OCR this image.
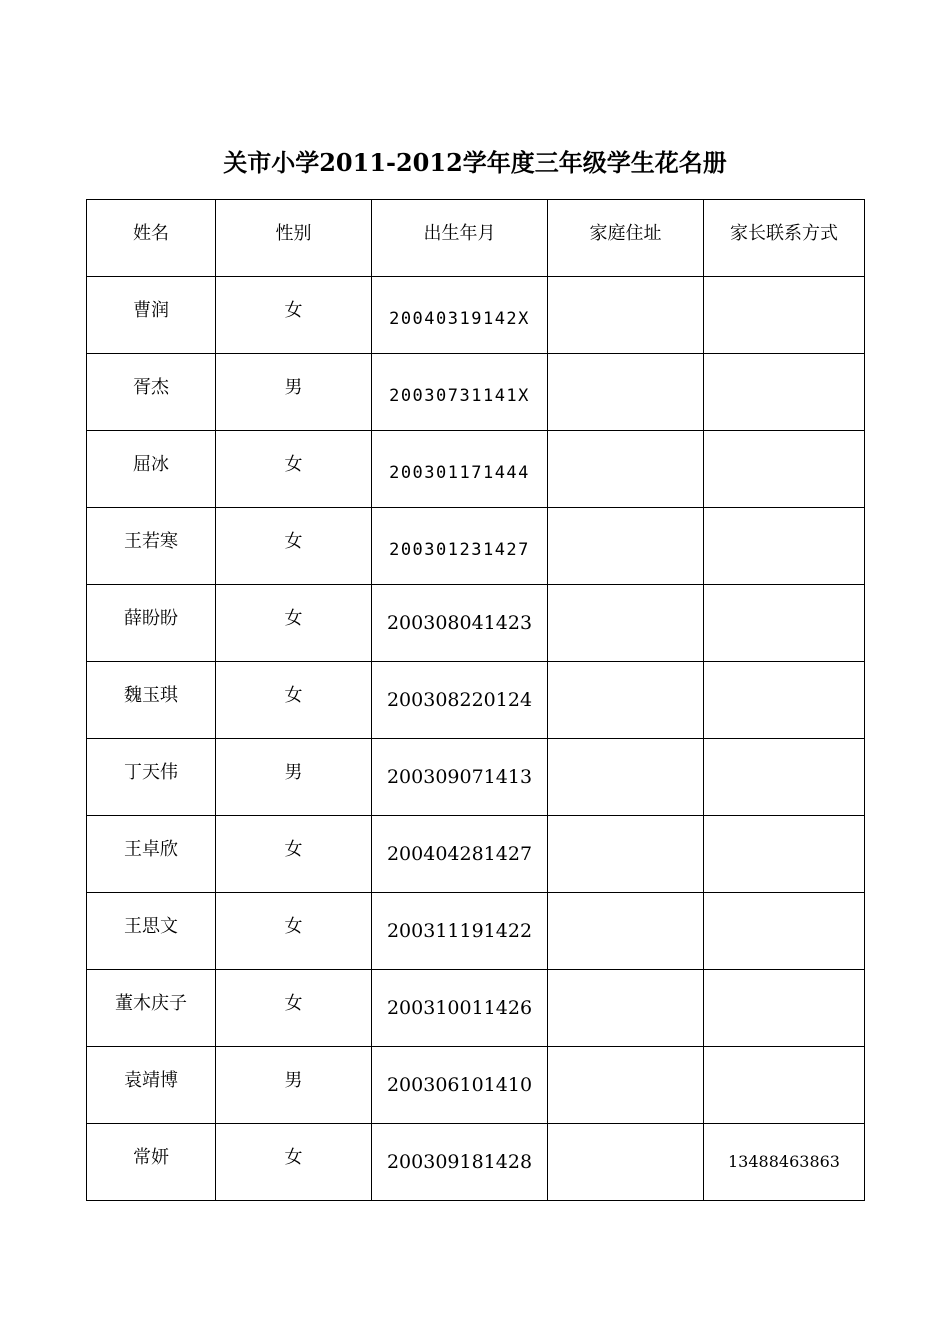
关市小学2011-2012学年度三年级学生花名册
姓名	性别	出生年月	家庭住址	家长联系方式
曹润	女	20040319142X		
胥杰	男	20030731141X		
屈冰	女	200301171444		
王若寒	女	200301231427		
薛盼盼	女	200308041423		
魏玉琪	女	200308220124		
丁天伟	男	200309071413		
王卓欣	女	200404281427		
王思文	女	200311191422		
董木庆子	女	200310011426		
袁靖博	男	200306101410		
常妍	女	200309181428		13488463863
